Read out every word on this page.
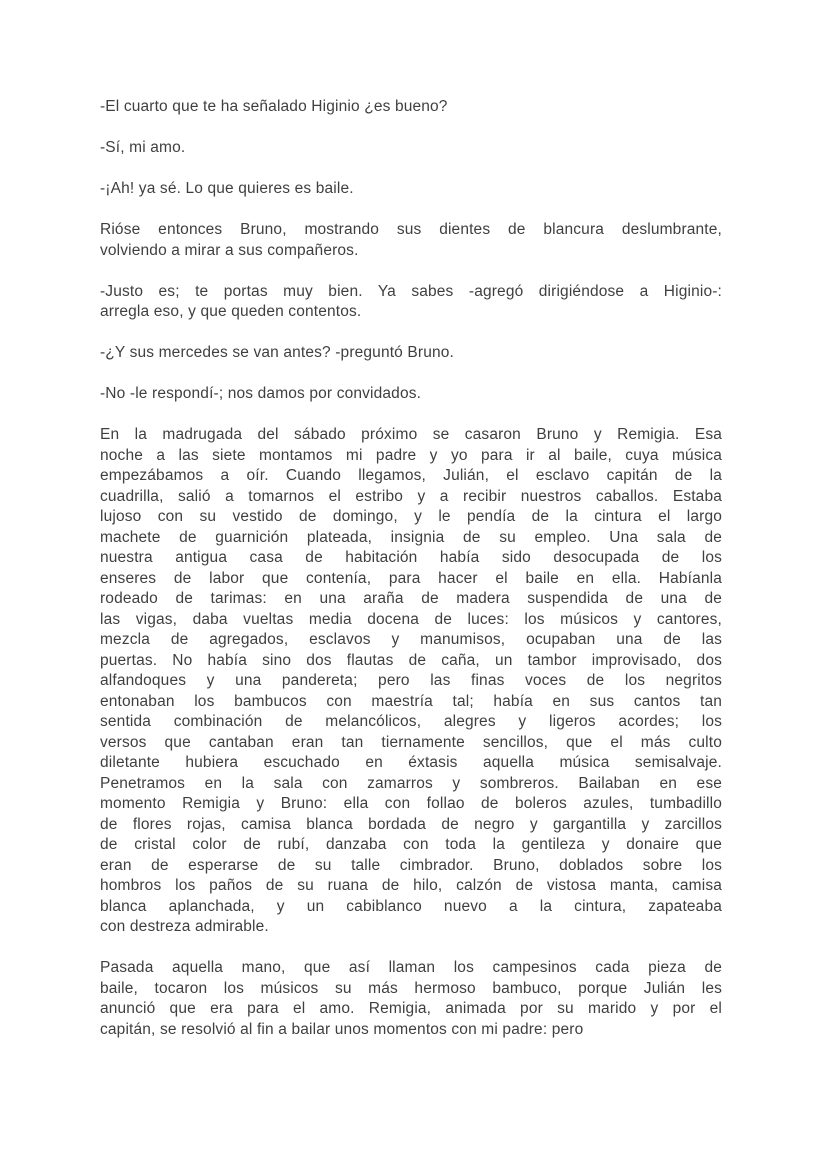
-El cuarto que te ha señalado Higinio ¿es bueno?
-Sí, mi amo.
-¡Ah! ya sé. Lo que quieres es baile.
Rióse entonces Bruno, mostrando sus dientes de blancura deslumbrante,
volviendo a mirar a sus compañeros.
-Justo es; te portas muy bien. Ya sabes -agregó dirigiéndose a Higinio-:
arregla eso, y que queden contentos.
-¿Y sus mercedes se van antes? -preguntó Bruno.
-No -le respondí-; nos damos por convidados.
En la madrugada del sábado próximo se casaron Bruno y Remigia. Esa
noche a las siete montamos mi padre y yo para ir al baile, cuya música
empezábamos a oír. Cuando llegamos, Julián, el esclavo capitán de la
cuadrilla, salió a tomarnos el estribo y a recibir nuestros caballos. Estaba
lujoso con su vestido de domingo, y le pendía de la cintura el largo
machete de guarnición plateada, insignia de su empleo. Una sala de
nuestra antigua casa de habitación había sido desocupada de los
enseres de labor que contenía, para hacer el baile en ella. Habíanla
rodeado de tarimas: en una araña de madera suspendida de una de
las vigas, daba vueltas media docena de luces: los músicos y cantores,
mezcla de agregados, esclavos y manumisos, ocupaban una de las
puertas. No había sino dos flautas de caña, un tambor improvisado, dos
alfandoques y una pandereta; pero las finas voces de los negritos
entonaban los bambucos con maestría tal; había en sus cantos tan
sentida combinación de melancólicos, alegres y ligeros acordes; los
versos que cantaban eran tan tiernamente sencillos, que el más culto
diletante hubiera escuchado en éxtasis aquella música semisalvaje.
Penetramos en la sala con zamarros y sombreros. Bailaban en ese
momento Remigia y Bruno: ella con follao de boleros azules, tumbadillo
de flores rojas, camisa blanca bordada de negro y gargantilla y zarcillos
de cristal color de rubí, danzaba con toda la gentileza y donaire que
eran de esperarse de su talle cimbrador. Bruno, doblados sobre los
hombros los paños de su ruana de hilo, calzón de vistosa manta, camisa
blanca aplanchada, y un cabiblanco nuevo a la cintura, zapateaba
con destreza admirable.
Pasada aquella mano, que así llaman los campesinos cada pieza de
baile, tocaron los músicos su más hermoso bambuco, porque Julián les
anunció que era para el amo. Remigia, animada por su marido y por el
capitán, se resolvió al fin a bailar unos momentos con mi padre: pero
